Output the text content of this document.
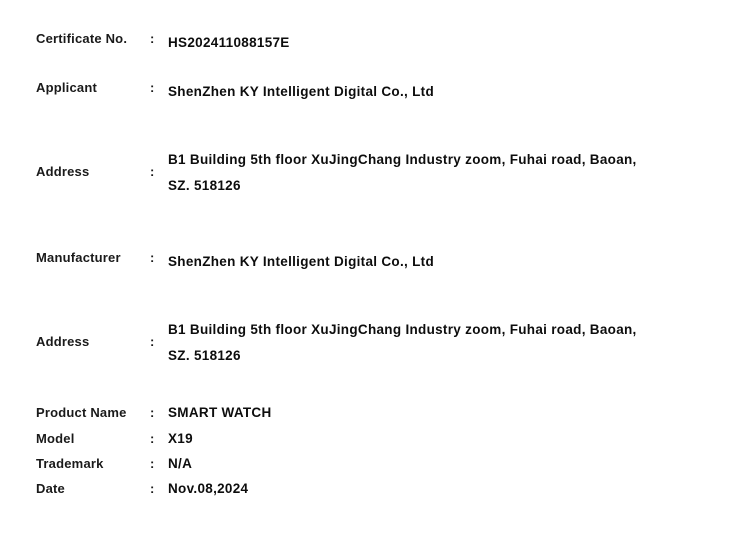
Certificate No.	:	HS202411088157E
Applicant	:	ShenZhen KY Intelligent Digital Co., Ltd
Address	:
B1 Building 5th floor XuJingChang Industry zoom, Fuhai road, Baoan,
SZ. 518126
Manufacturer	:	ShenZhen KY Intelligent Digital Co., Ltd
Address	:
B1 Building 5th floor XuJingChang Industry zoom, Fuhai road, Baoan,
SZ. 518126
Product Name	:	SMART WATCH
Model	:	X19
Trademark	:	N/A
Date	:	Nov.08,2024
